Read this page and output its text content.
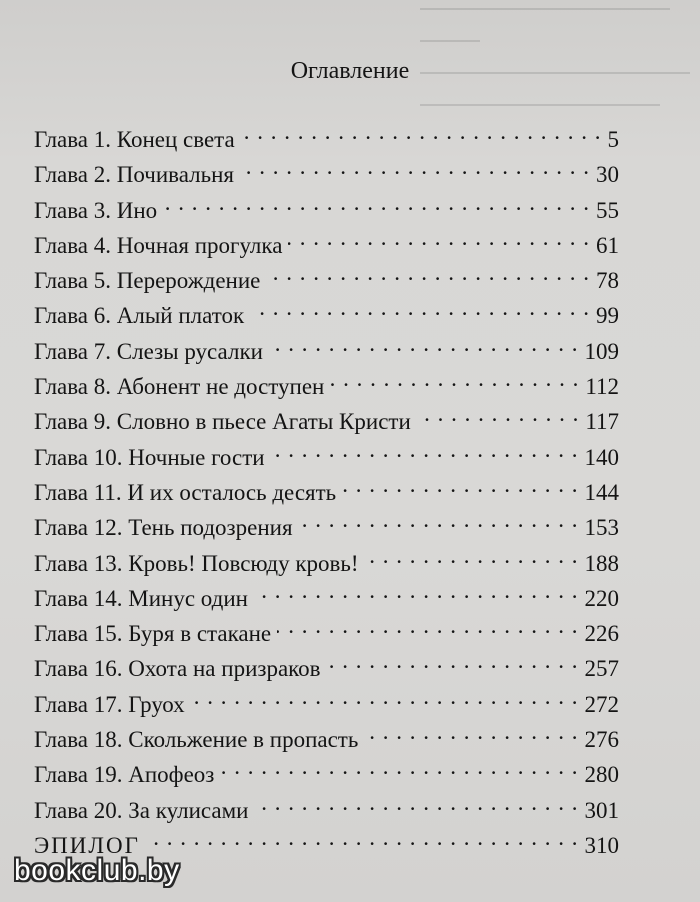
Оглавление
Глава 1. Конец света . . .	5
Глава 2. Почивальня . . .	30
Глава 3. Ино . . .	55
Глава 4. Ночная прогулка . . .	61
Глава 5. Перерождение . . .	78
Глава 6. Алый платок . . .	99
Глава 7. Слезы русалки . . .	109
Глава 8. Абонент не доступен . . .	112
Глава 9. Словно в пьесе Агаты Кристи . . .	117
Глава 10. Ночные гости . . .	140
Глава 11. И их осталось десять . . .	144
Глава 12. Тень подозрения . . .	153
Глава 13. Кровь! Повсюду кровь! . . .	188
Глава 14. Минус один . . .	220
Глава 15. Буря в стакане . . .	226
Глава 16. Охота на призраков . . .	257
Глава 17. Груох . . .	272
Глава 18. Скольжение в пропасть . . .	276
Глава 19. Апофеоз . . .	280
Глава 20. За кулисами . . .	301
ЭПИЛОГ . . .	310
bookclub.by
